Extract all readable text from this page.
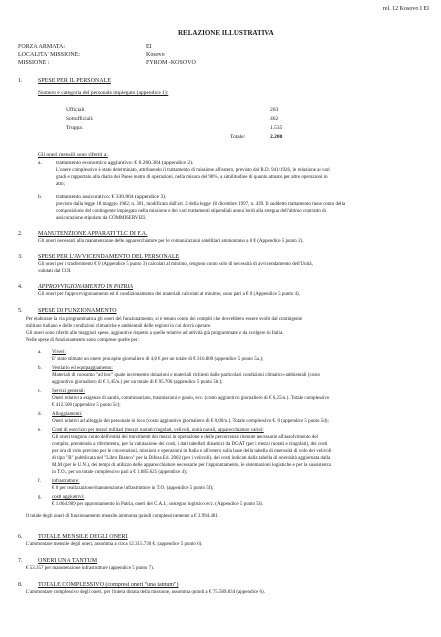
rel. 12 Kosovo I EI
RELAZIONE ILLUSTRATIVA
FORZA ARMATA:	EI
LOCALITA' MISSIONE:	Kosovo
MISSIONE :	FYROM -KOSOVO
1.	SPESE PER IL PERSONALE
Numero e categoria del personale impiegato (appendice 1):
Ufficiali	203
Sottufficiali:	462
Truppa:	1.535
Totale:	2.200
Gli oneri mensili sono riferiti a:
a.	trattamento economico aggiuntivo: € 8.280.384 (appendice 2).
L'onere complessivo è stato determinato, attribuendo il trattamento di missione all'estero, previsto dal R.D. 941/1926, in relazione ai vari
gradi e rapportato alla diaria dei Paese teatro di operazioni, nella misura del 98%, a similitudine di quanto attuato per altre operazioni in
atto;
b.	trattamento assicurativo: € 330.864 (appendice 3).
previsto dalla legge 18 maggio 1982, n. 301, modificata dall'art. 2 della legge 18 dicembre 1997, n. 439. Il suddetto trattamento tiene conto della
composizione del contingente impiegato nella missione e dei vari trattamenti stipendiali annui lordi alla stregua dell'ultimo contratto di
assicurazione stipulato da COMMISERVIZI.
2.	MANUTENZIONE APPARATI TLC DI F.A.
Gli oneri necessari alla manutenzione delle apparecchiature per le comunicazioni satellitari ammontano a 0 € (Appendice 5 punto 2).
3.	SPESE PER L'AVVICENDAMENTO DEL PERSONALE
Gli oneri per i trasferimenti € 0 (Appendice 5 punto 3) calcolati al minimo, tengono conto solo di necessità di avvicendamento dell'Unità,
valutati dal COI.
4.	APPROVVIGIONAMENTO IN PATRIA
Gli oneri per l'approvvigionamento ed il condizionamento dei materiali calcolati al minimo, sono pari a € 0 (Appendice 5 punto 4).
5.	SPESE DI FUNZIONAMENTO
Per elaborare la via programmatica gli oneri del funzionamento, si è tenuto conto dei compiti che dovrebbero essere svolti dal contingente
militare italiano e delle condizioni climatiche e ambientali delle regioni in cui dovrà operare.
Gli oneri sono riferiti alle maggiori spese, aggiuntive rispetto a quelle relative ad attività già programmate e da svolgere in Italia.
Nelle spese di funzionamento sono comprese quelle per:
a. Viveri:
E' stato stimato un onere procapite giornaliero di 4,8 € per un totale di € 316.800 (appendice 5 punto 5a.);
b. Vestiario ed equipaggiamento:
Materiali di consumo "ad hoc" quale incremento dotazioni e materiali richiesti dalle particolari condizioni climatico-ambientali (costo
aggiuntivo giornaliero di € 1,45/u.) per un totale di € 95.700 (appendice 5 punto 5b.);
c. Servizi generali:
Oneri relativi a esigenze di sanità, commissariato, trasmissioni e genio, ecc. (costo aggiuntivo giornaliero di € 6,25/u.). Totale complessivo
€ 412.500 (appendice 5 punto 5c);
d. Alloggiamenti:
Oneri relativi ad alloggio del personale in loco (costo aggiuntivo giornaliero di € 0,00/u.). Totale complessivo €. 0 (appendice 5 punto 5d);
e. Costi di esercizio per mezzi militari (mezzi ruotati/cingolati, velivoli, unità navali, apparecchiature varie):
Gli oneri tengono conto dell'entità dei movimenti dei mezzi in operazione e delle percorrenze ritenute necessarie all'assolvimento del
compito, prendendo a riferimento, per la valutazione dei costi, i dati tabellari dinamici da DGAT (per i mezzi ruotati e cingolati), dei costi
per ora di volo previsto per le convenzioni, missioni e operazioni in Italia e all'estero sulla base della tabella di onerosità di volo dei velivoli
di tipo "B" pubblicata nel "Libro Bianco" per la Difesa Ed. 2002 (per i velivoli), dei costi indicati dalla tabella di onerosità aggiornata dalla
M.M (per le U.N.), dei tempi di utilizzo delle apparecchiature necessarie per l'approntamento, le sistemazioni logistiche e per la sussistenza
in T.O., per un totale complessivo pari a € 1.885.625 (appendice 4);
f. infrastrutture:
€ 0 per realizzazione/manutenzione infrastrutture in T.O. (appendice 5 punto 5f);
g. costi aggiuntivi:
€ 1.064.909 per approntamento in Patria, oneri del C.A.I., sostegno logistico ecc. (Appendice 5 punto 5l).
Il totale degli oneri di funzionamento mensile ammonta quindi complessivamente a € 3.994.481
6.	TOTALE MENSILE DEGLI ONERI
L'ammontare mensile degli oneri, assomma a circa 12.315.730 €. (appendice 5 punto 6).
7.	ONERI UNA TANTUM
€ 53.357 per manutenzione infrastrutture (appendice 5 punto 7).
8.	TOTALE COMPLESSIVO (compresi oneri "una tantum")
L'ammontare complessivo degli oneri, per l'intera durata della missione, assomma quindi a € 75.589.834 (appendice 6).
